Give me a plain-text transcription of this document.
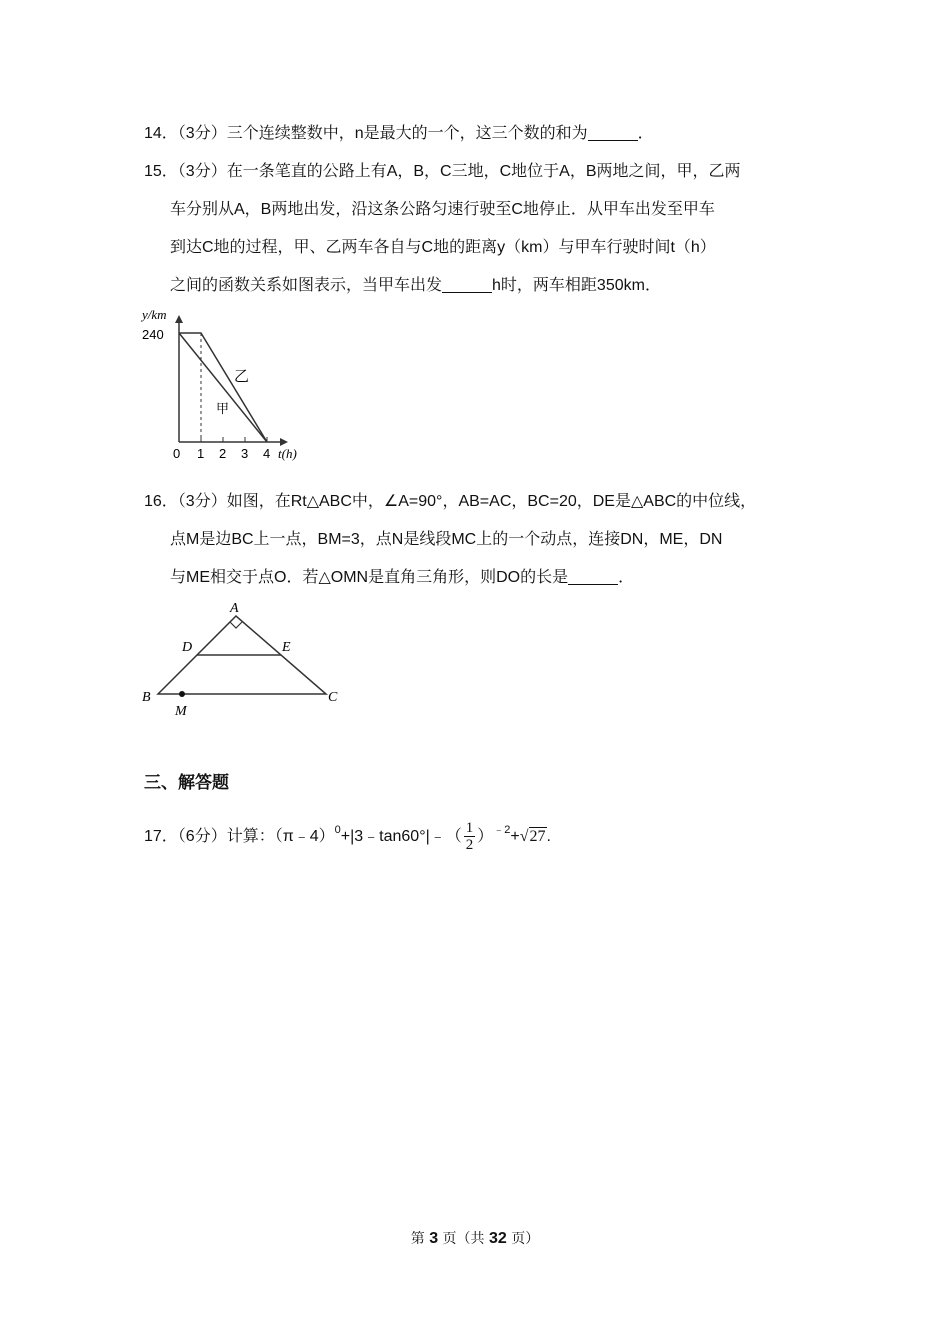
14．（3分）三个连续整数中，n是最大的一个，这三个数的和为	．
15．（3分）在一条笔直的公路上有A，B，C三地，C地位于A，B两地之间，甲，乙两
车分别从A，B两地出发，沿这条公路匀速行驶至C地停止．从甲车出发至甲车
到达C地的过程，甲、乙两车各自与C地的距离y（km）与甲车行驶时间t（h）
之间的函数关系如图表示，当甲车出发	h时，两车相距350km．
y/km
240
0 1 2 3 4 t(h)
乙
甲
16．（3分）如图，在Rt△ABC中，∠A=90°，AB=AC，BC=20，DE是△ABC的中位线，
点M是边BC上一点，BM=3，点N是线段MC上的一个动点，连接DN，ME，DN
与ME相交于点O．若△OMN是直角三角形，则DO的长是	．
A
D	E
B	C
M
三、解答题
17．（6分）计算：（π﹣4）$^0$+|3﹣tan60°|﹣（ $\frac{1}{2} )^{﹣2}+√27$.
第 3 页（共 32 页）
